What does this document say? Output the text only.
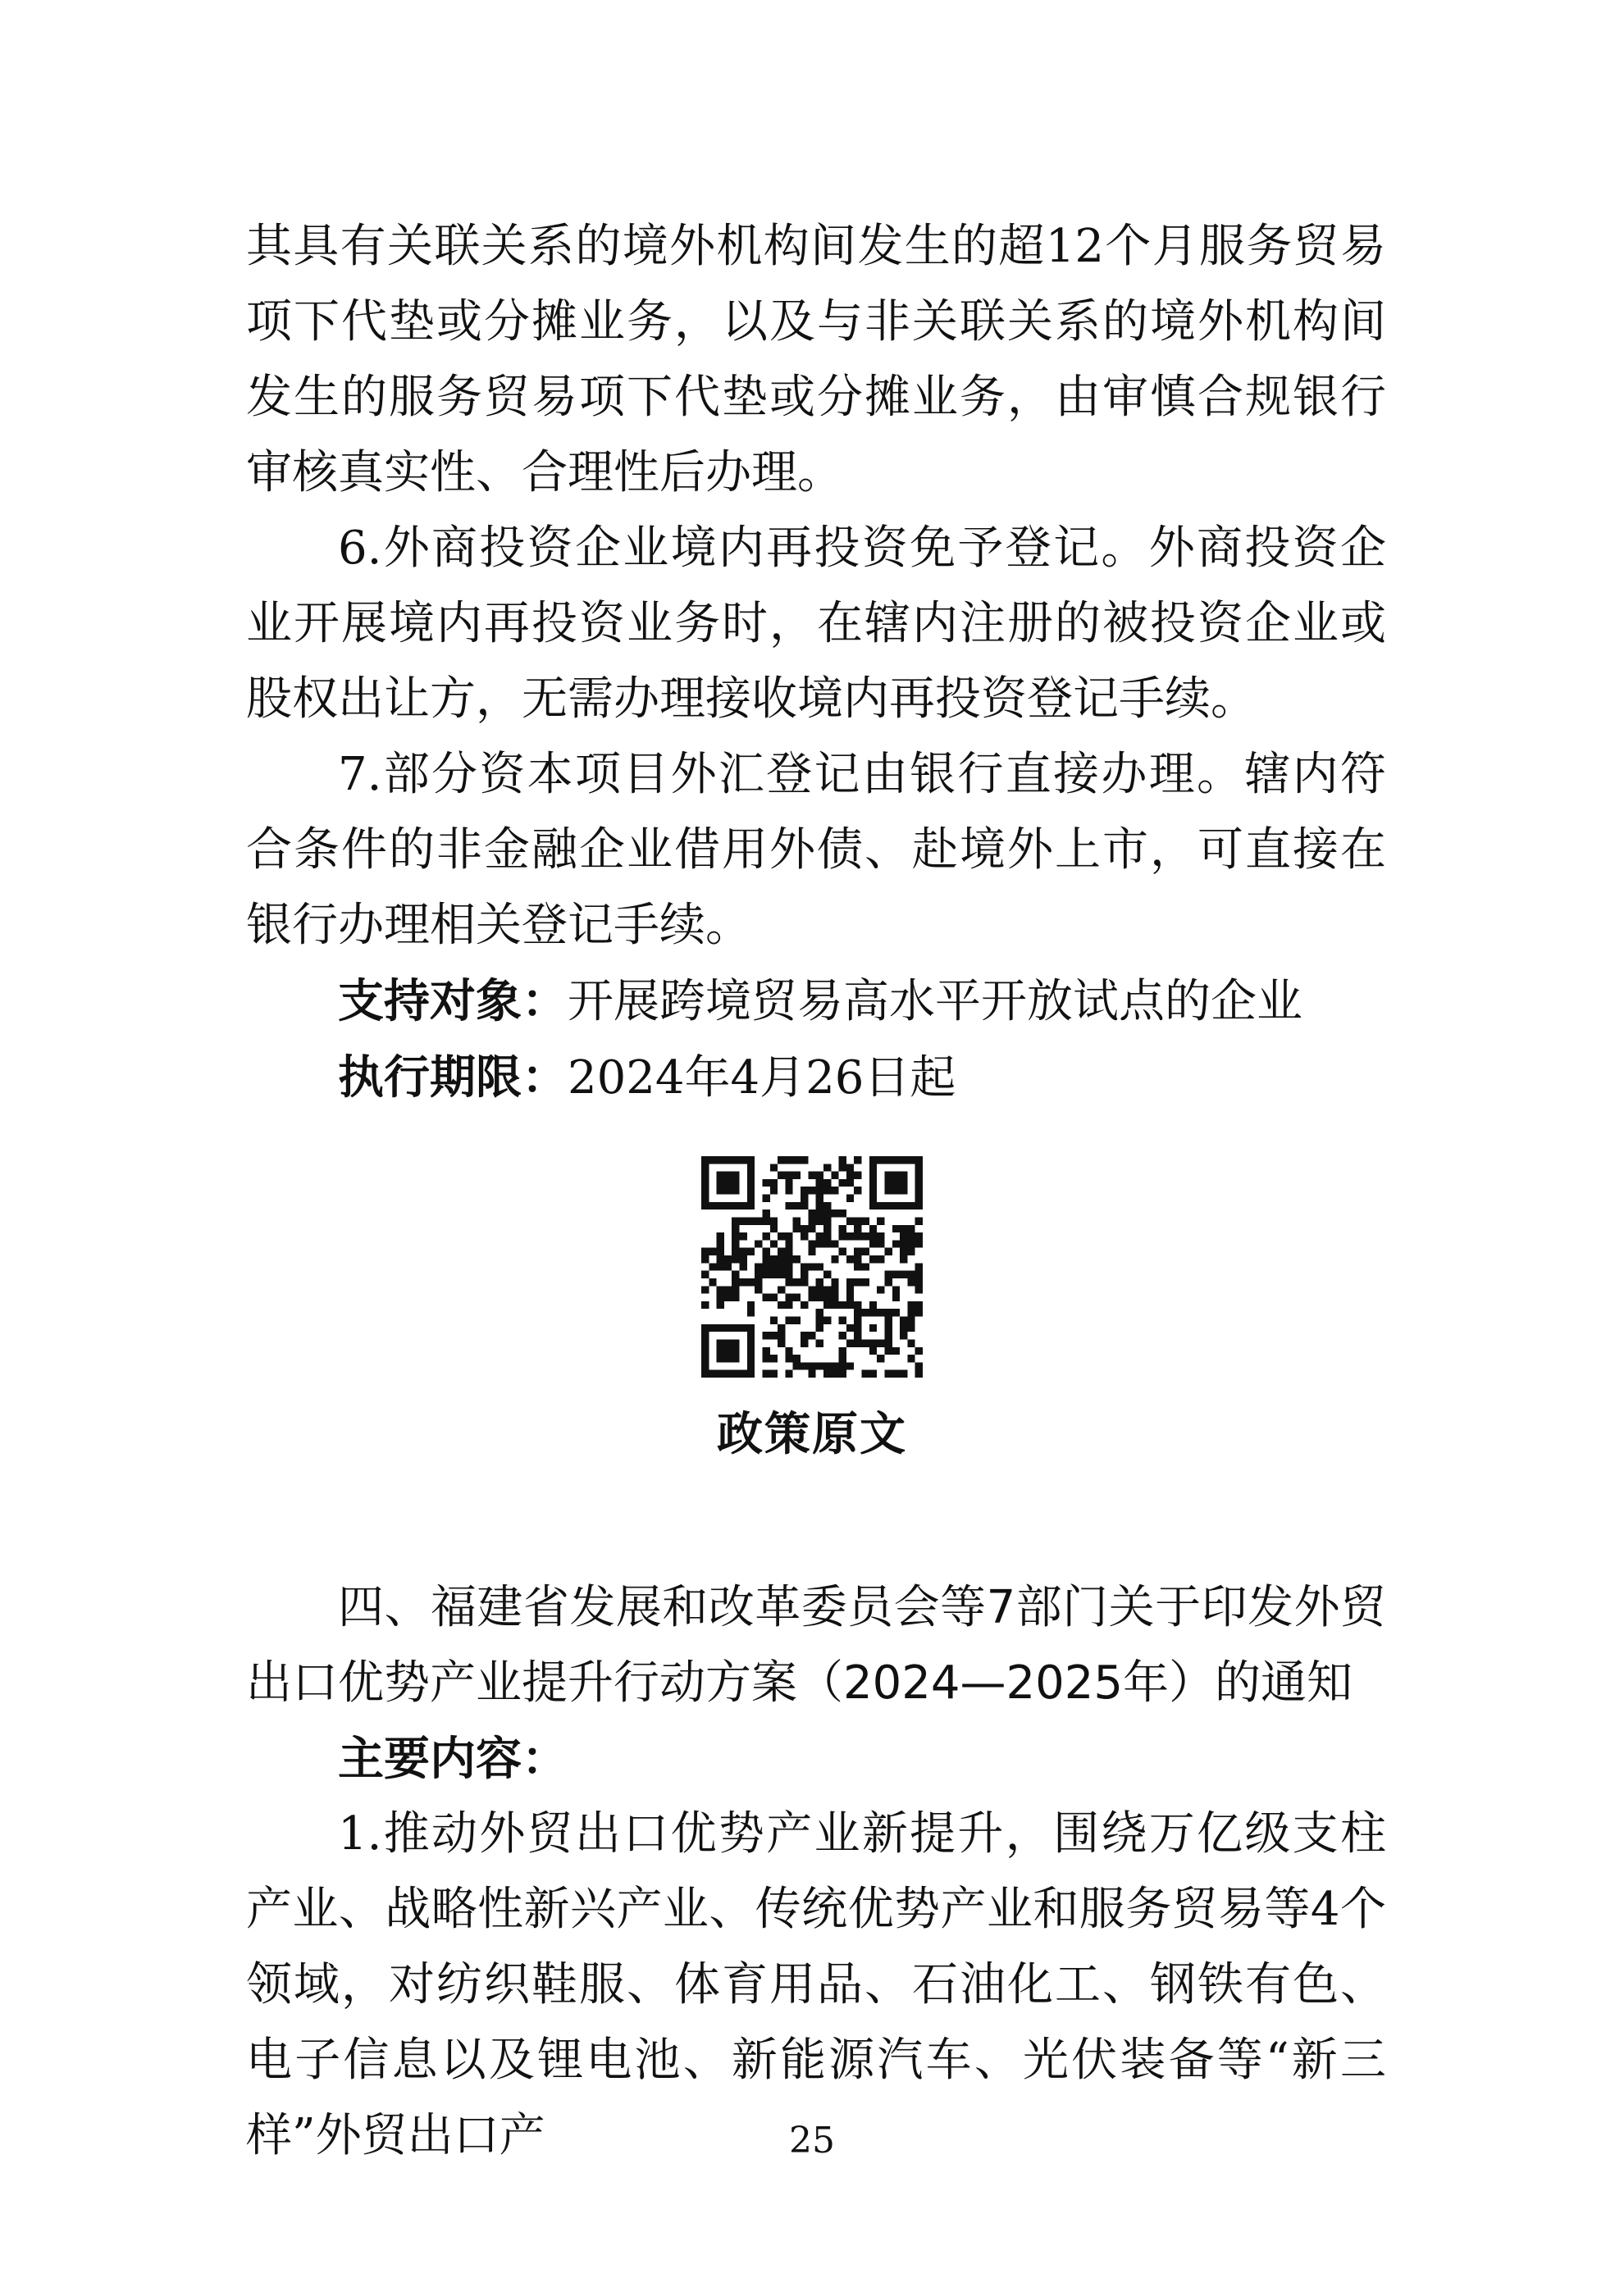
其具有关联关系的境外机构间发生的超12个月服务贸易项下代垫或分摊业务，以及与非关联关系的境外机构间发生的服务贸易项下代垫或分摊业务，由审慎合规银行审核真实性、合理性后办理。

6.外商投资企业境内再投资免予登记。外商投资企业开展境内再投资业务时，在辖内注册的被投资企业或股权出让方，无需办理接收境内再投资登记手续。

7.部分资本项目外汇登记由银行直接办理。辖内符合条件的非金融企业借用外债、赴境外上市，可直接在银行办理相关登记手续。

支持对象：开展跨境贸易高水平开放试点的企业

执行期限：2024年4月26日起

政策原文

四、福建省发展和改革委员会等7部门关于印发外贸出口优势产业提升行动方案（2024—2025年）的通知

主要内容：

1.推动外贸出口优势产业新提升，围绕万亿级支柱产业、战略性新兴产业、传统优势产业和服务贸易等4个领域，对纺织鞋服、体育用品、石油化工、钢铁有色、电子信息以及锂电池、新能源汽车、光伏装备等“新三样”外贸出口产	25
